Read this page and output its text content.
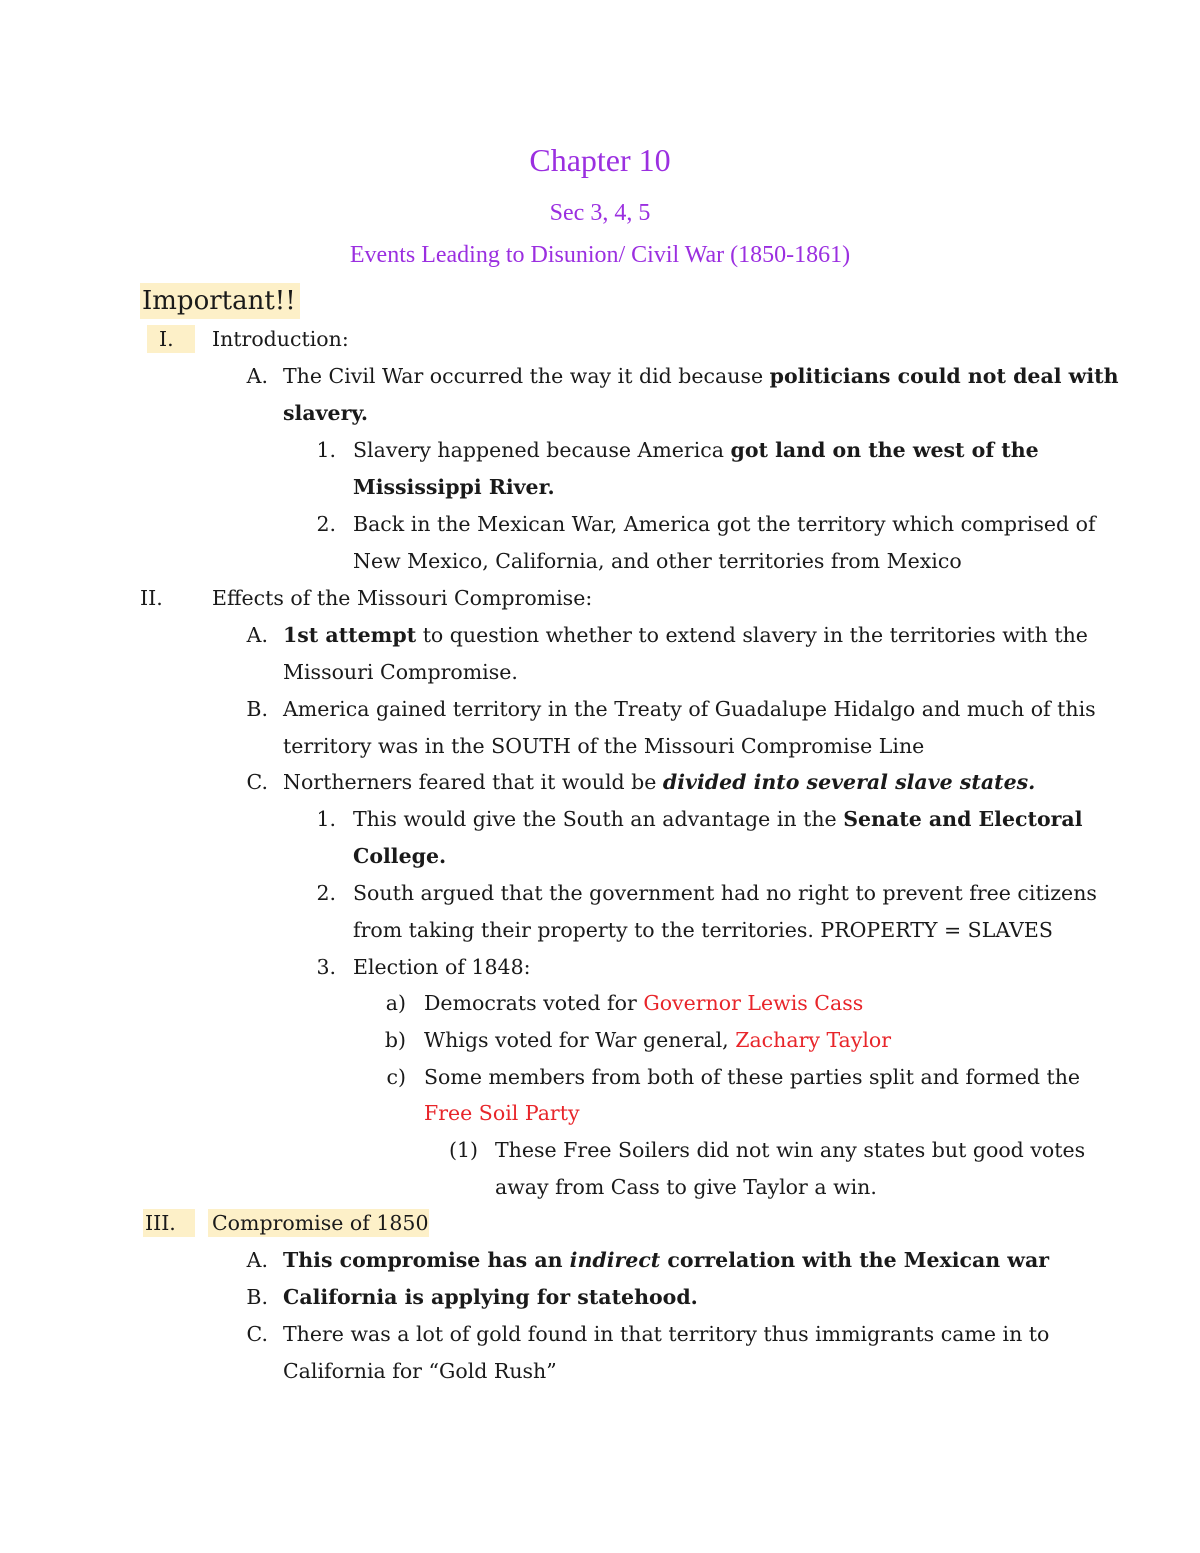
Chapter 10
Sec 3, 4, 5
Events Leading to Disunion/ Civil War (1850-1861)
Important!!
I.	Introduction:
A. The Civil War occurred the way it did because politicians could not deal with
slavery.
1. Slavery happened because America got land on the west of the
Mississippi River.
2. Back in the Mexican War, America got the territory which comprised of
New Mexico, California, and other territories from Mexico
II.	Effects of the Missouri Compromise:
A. 1st attempt to question whether to extend slavery in the territories with the
Missouri Compromise.
B. America gained territory in the Treaty of Guadalupe Hidalgo and much of this
territory was in the SOUTH of the Missouri Compromise Line
C. Northerners feared that it would be divided into several slave states.
1. This would give the South an advantage in the Senate and Electoral
College.
2. South argued that the government had no right to prevent free citizens
from taking their property to the territories. PROPERTY = SLAVES
3. Election of 1848:
a) Democrats voted for Governor Lewis Cass
b) Whigs voted for War general, Zachary Taylor
c) Some members from both of these parties split and formed the
Free Soil Party
(1) These Free Soilers did not win any states but good votes
away from Cass to give Taylor a win.
III.	Compromise of 1850
A. This compromise has an indirect correlation with the Mexican war
B. California is applying for statehood.
C. There was a lot of gold found in that territory thus immigrants came in to
California for “Gold Rush”
